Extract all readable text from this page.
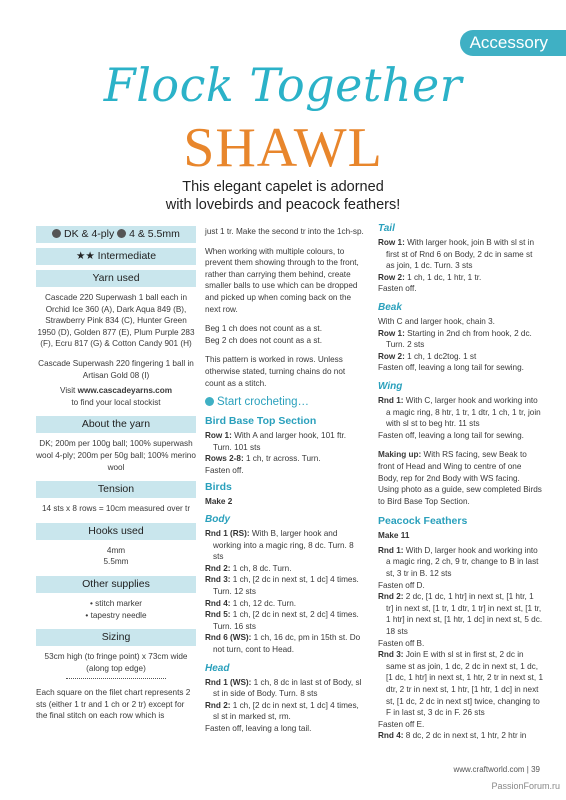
Accessory
Flock Together
SHAWL
This elegant capelet is adorned
with lovebirds and peacock feathers!
DK & 4-ply 4 & 5.5mm
★★ Intermediate
Yarn used
Cascade 220 Superwash 1 ball each in Orchid Ice 360 (A), Dark Aqua 849 (B), Strawberry Pink 834 (C), Hunter Green 1950 (D), Golden 877 (E), Plum Purple 283 (F), Ecru 817 (G) & Cotton Candy 901 (H)
Cascade Superwash 220 fingering 1 ball in Artisan Gold 08 (I)
Visit www.cascadeyarns.com
to find your local stockist
About the yarn
DK; 200m per 100g ball; 100% superwash wool 4-ply; 200m per 50g ball; 100% merino wool
Tension
14 sts x 8 rows = 10cm measured over tr
Hooks used
4mm
5.5mm
Other supplies
• stitch marker
• tapestry needle
Sizing
53cm high (to fringe point) x 73cm wide (along top edge)
Each square on the filet chart represents 2 sts (either 1 tr and 1 ch or 2 tr) except for the final stitch on each row which is
just 1 tr. Make the second tr into the 1ch-sp.
When working with multiple colours, to prevent them showing through to the front, rather than carrying them behind, create smaller balls to use which can be dropped and picked up when coming back on the next row.
Beg 1 ch does not count as a st.
Beg 2 ch does not count as a st.
This pattern is worked in rows. Unless otherwise stated, turning chains do not count as a stitch.
Start crocheting…
Bird Base Top Section
Row 1: With A and larger hook, 101 ftr. Turn. 101 sts
Rows 2-8: 1 ch, tr across. Turn.
Fasten off.
Birds
Make 2
Body
Rnd 1 (RS): With B, larger hook and working into a magic ring, 8 dc. Turn. 8 sts
Rnd 2: 1 ch, 8 dc. Turn.
Rnd 3: 1 ch, [2 dc in next st, 1 dc] 4 times. Turn. 12 sts
Rnd 4: 1 ch, 12 dc. Turn.
Rnd 5: 1 ch, [2 dc in next st, 2 dc] 4 times. Turn. 16 sts
Rnd 6 (WS): 1 ch, 16 dc, pm in 15th st. Do not turn, cont to Head.
Head
Rnd 1 (WS): 1 ch, 8 dc in last st of Body, sl st in side of Body. Turn. 8 sts
Rnd 2: 1 ch, [2 dc in next st, 1 dc] 4 times, sl st in marked st, rm.
Fasten off, leaving a long tail.
Tail
Row 1: With larger hook, join B with sl st in first st of Rnd 6 on Body, 2 dc in same st as join, 1 dc. Turn. 3 sts
Row 2: 1 ch, 1 dc, 1 htr, 1 tr.
Fasten off.
Beak
With C and larger hook, chain 3.
Row 1: Starting in 2nd ch from hook, 2 dc. Turn. 2 sts
Row 2: 1 ch, 1 dc2tog. 1 st
Fasten off, leaving a long tail for sewing.
Wing
Rnd 1: With C, larger hook and working into a magic ring, 8 htr, 1 tr, 1 dtr, 1 ch, 1 tr, join with sl st to beg htr. 11 sts
Fasten off, leaving a long tail for sewing.
Making up: With RS facing, sew Beak to front of Head and Wing to centre of one Body, rep for 2nd Body with WS facing. Using photo as a guide, sew completed Birds to Bird Base Top Section.
Peacock Feathers
Make 11
Rnd 1: With D, larger hook and working into a magic ring, 2 ch, 9 tr, change to B in last st, 3 tr in B. 12 sts
Fasten off D.
Rnd 2: 2 dc, [1 dc, 1 htr] in next st, [1 htr, 1 tr] in next st, [1 tr, 1 dtr, 1 tr] in next st, [1 tr, 1 htr] in next st, [1 htr, 1 dc] in next st, 5 dc. 18 sts
Fasten off B.
Rnd 3: Join E with sl st in first st, 2 dc in same st as join, 1 dc, 2 dc in next st, 1 dc, [1 dc, 1 htr] in next st, 1 htr, 2 tr in next st, 1 dtr, 2 tr in next st, 1 htr, [1 htr, 1 dc] in next st, [1 dc, 2 dc in next st] twice, changing to F in last st, 3 dc in F. 26 sts
Fasten off E.
Rnd 4: 8 dc, 2 dc in next st, 1 htr, 2 htr in
www.craftworld.com | 39
PassionForum.ru
